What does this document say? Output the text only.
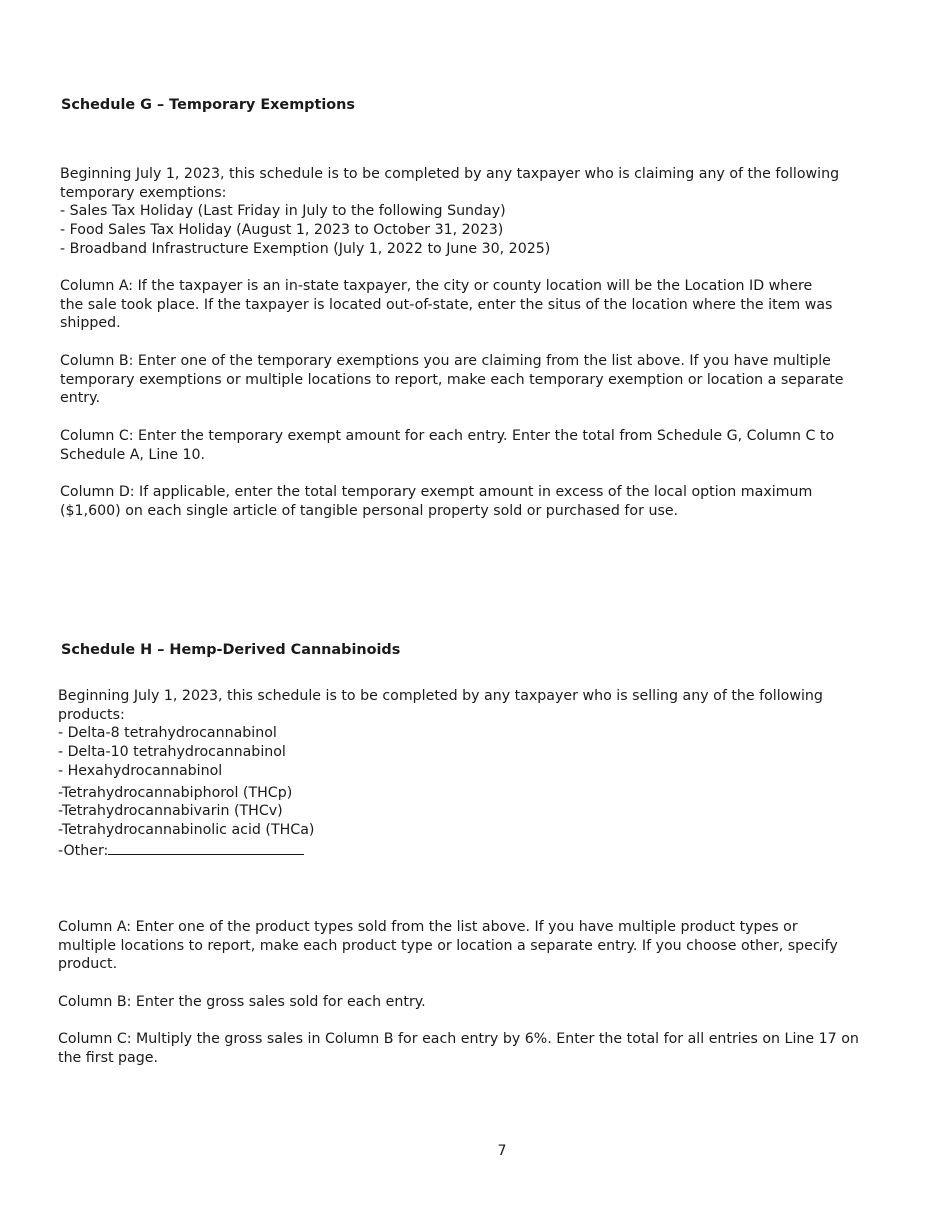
Schedule G – Temporary Exemptions
Beginning July 1, 2023, this schedule is to be completed by any taxpayer who is claiming any of the following
temporary exemptions:
- Sales Tax Holiday (Last Friday in July to the following Sunday)
- Food Sales Tax Holiday (August 1, 2023 to October 31, 2023)
- Broadband Infrastructure Exemption (July 1, 2022 to June 30, 2025)
Column A: If the taxpayer is an in-state taxpayer, the city or county location will be the Location ID where
the sale took place. If the taxpayer is located out-of-state, enter the situs of the location where the item was
shipped.
Column B: Enter one of the temporary exemptions you are claiming from the list above. If you have multiple
temporary exemptions or multiple locations to report, make each temporary exemption or location a separate
entry.
Column C: Enter the temporary exempt amount for each entry. Enter the total from Schedule G, Column C to
Schedule A, Line 10.
Column D: If applicable, enter the total temporary exempt amount in excess of the local option maximum
($1,600) on each single article of tangible personal property sold or purchased for use.
Schedule H – Hemp-Derived Cannabinoids
Beginning July 1, 2023, this schedule is to be completed by any taxpayer who is selling any of the following
products:
- Delta-8 tetrahydrocannabinol
- Delta-10 tetrahydrocannabinol
- Hexahydrocannabinol
-Tetrahydrocannabiphorol (THCp)
-Tetrahydrocannabivarin (THCv)
-Tetrahydrocannabinolic acid (THCa)
-Other:
Column A: Enter one of the product types sold from the list above. If you have multiple product types or
multiple locations to report, make each product type or location a separate entry. If you choose other, specify
product.
Column B: Enter the gross sales sold for each entry.
Column C: Multiply the gross sales in Column B for each entry by 6%. Enter the total for all entries on Line 17 on
the first page.
7
